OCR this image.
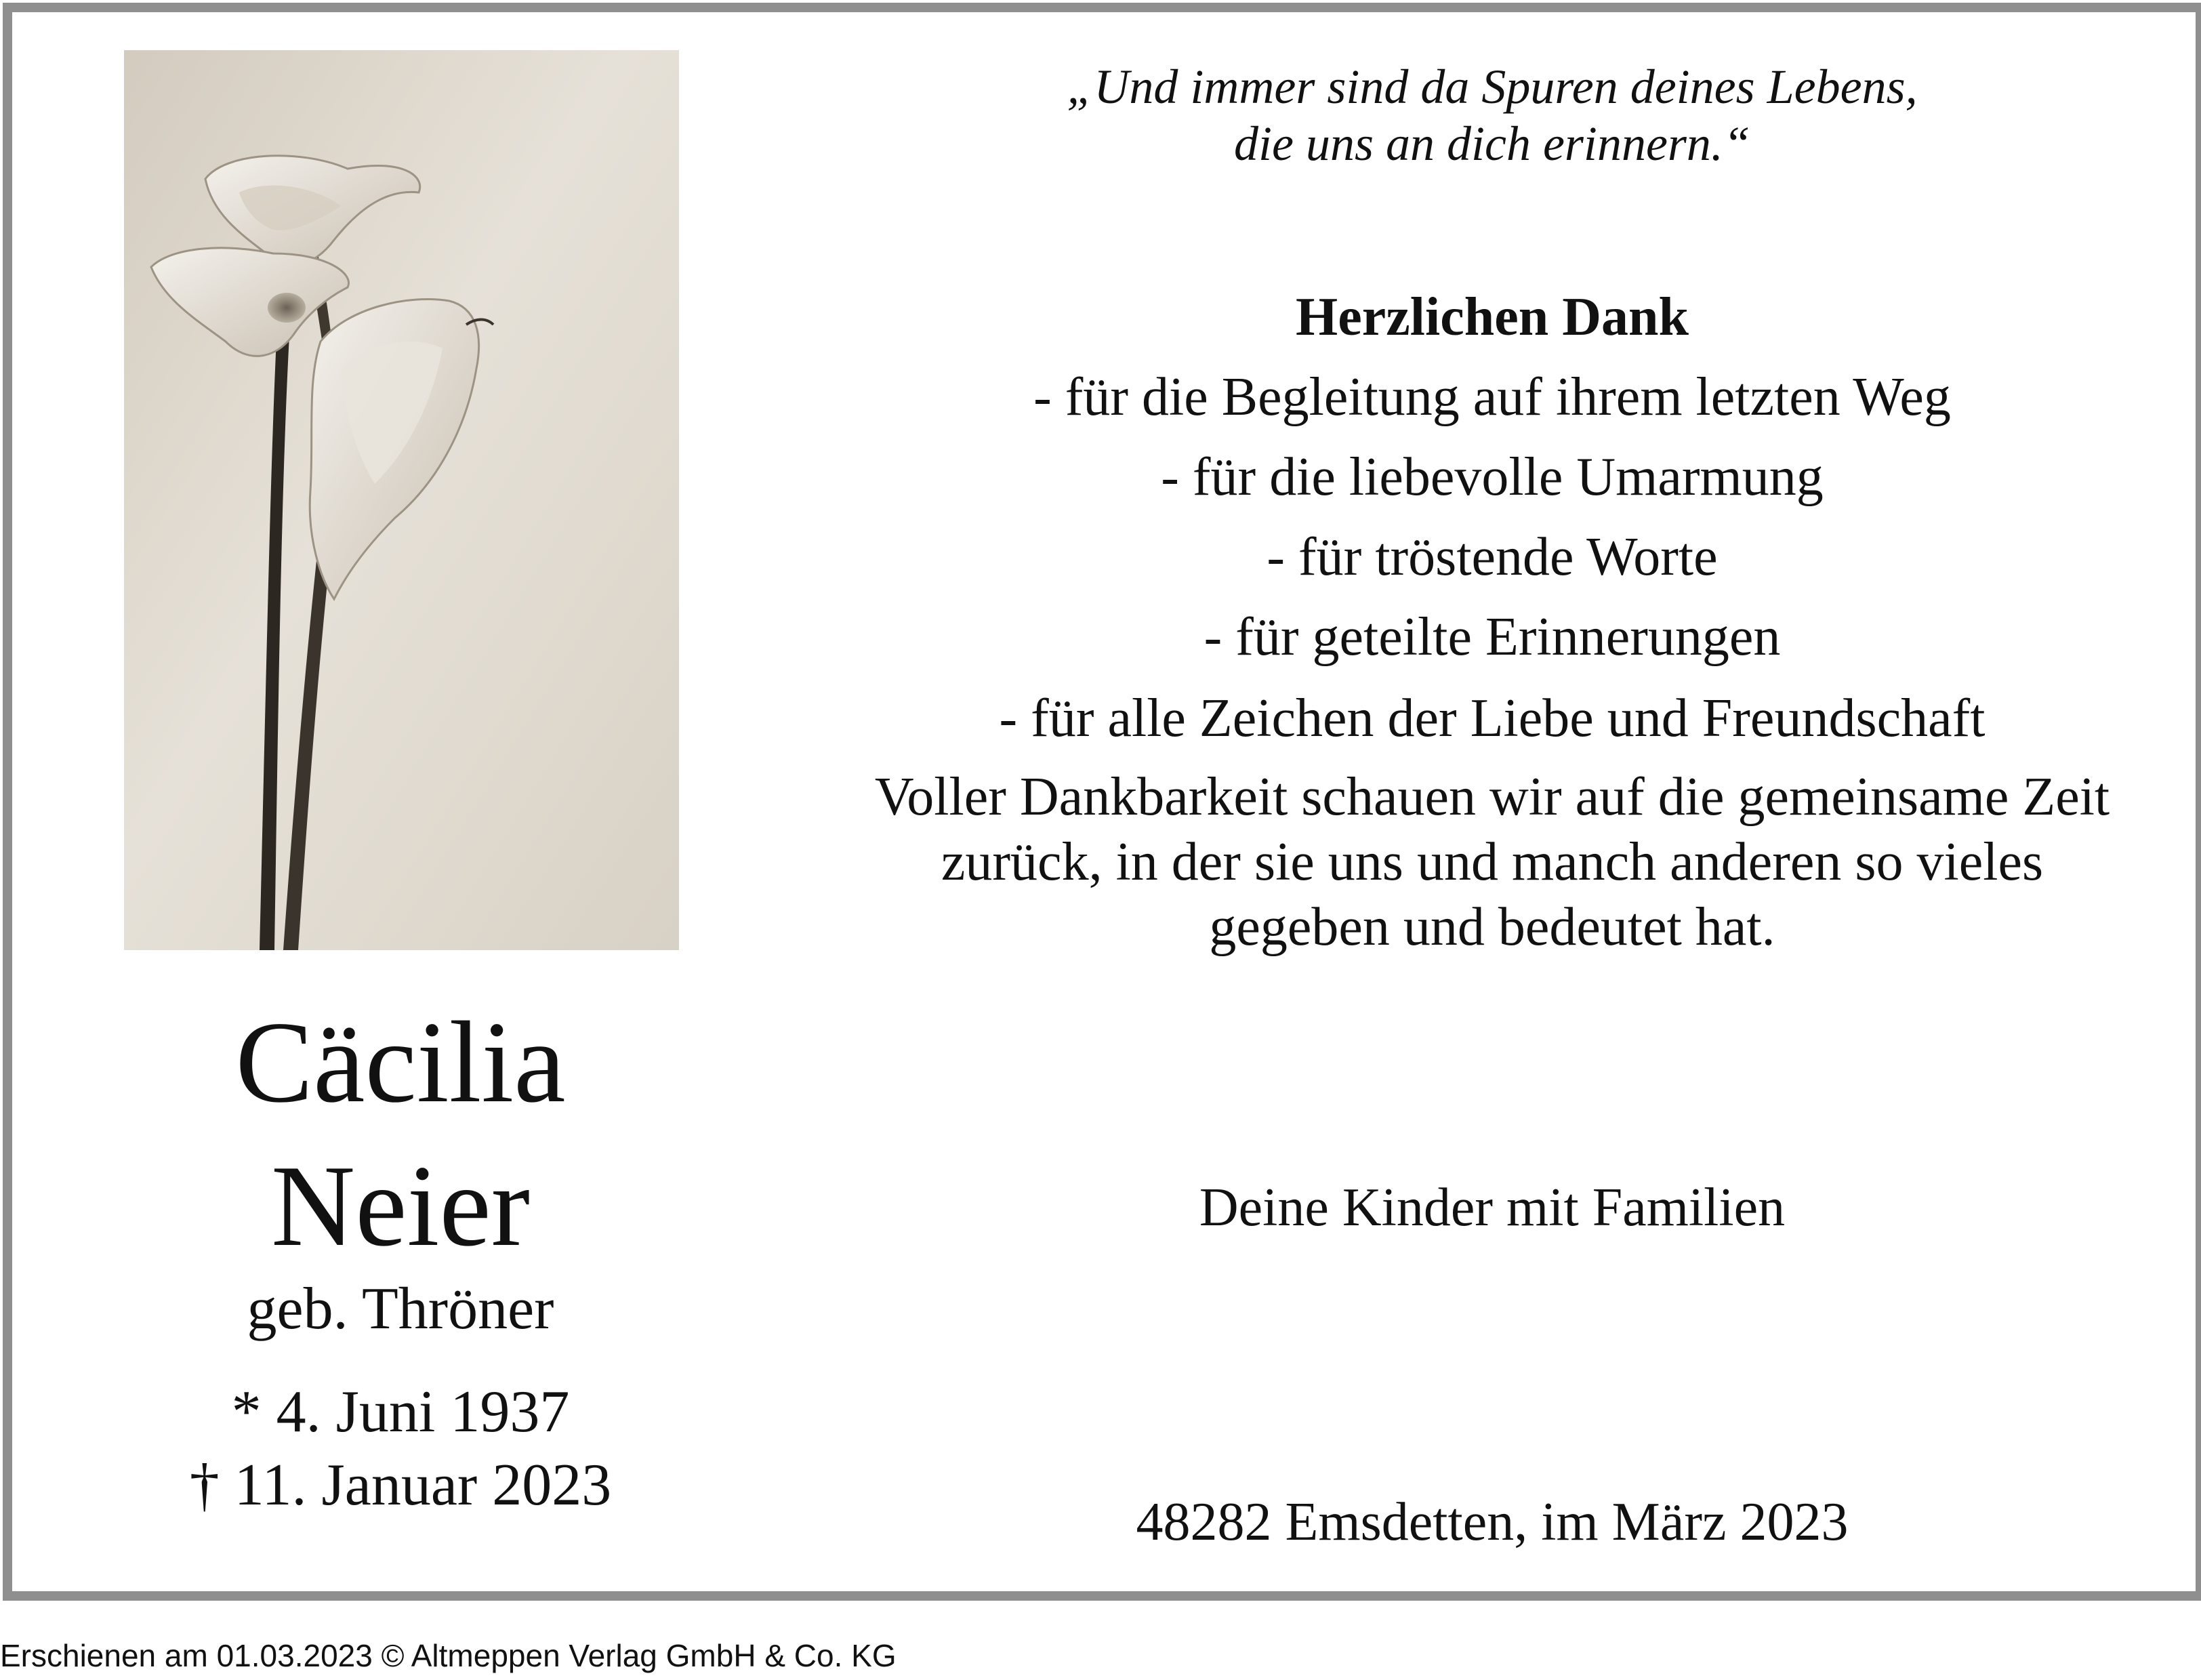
Cäcilia
Neier
geb. Thröner
* 4. Juni 1937
† 11. Januar 2023
„Und immer sind da Spuren deines Lebens,
die uns an dich erinnern.“
Herzlichen Dank
- für die Begleitung auf ihrem letzten Weg
- für die liebevolle Umarmung
- für tröstende Worte
- für geteilte Erinnerungen
- für alle Zeichen der Liebe und Freundschaft
Voller Dankbarkeit schauen wir auf die gemeinsame Zeit
zurück, in der sie uns und manch anderen so vieles
gegeben und bedeutet hat.
Deine Kinder mit Familien
48282 Emsdetten, im März 2023
Erschienen am 01.03.2023 © Altmeppen Verlag GmbH & Co. KG
